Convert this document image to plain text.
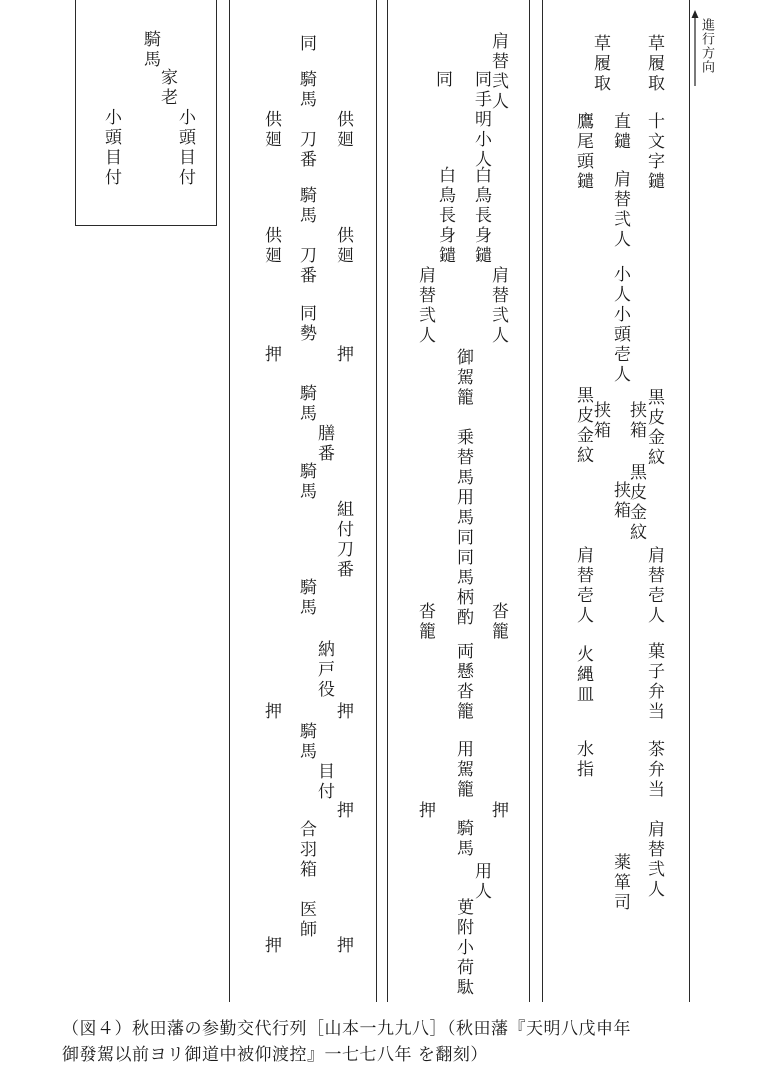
進行方向
草履取
十文字鑓
小人小頭壱人
黒皮金紋
挟箱
肩替壱人
菓子弁当
茶弁当
肩替弐人
直鑓
肩替弐人
黒皮金紋
挟箱
薬箪司
草履取
挟箱
黒皮金紋
火縄皿
水指
鷹尾頭鑓
肩替壱人
肩替弐人
白鳥長身鑓
肩替弐人
沓籠
押
用人
同手明小人
御駕籠
乗替馬用馬同同馬柄酌
両懸沓籠
用駕籠
騎馬
茰附小荷駄
同
白鳥長身鑓
肩替弐人
沓籠
押
供廻
供廻
押
組付刀番
押
押
押
膳番
納戸役
目付
同
騎馬
刀番
騎馬
刀番
同勢
騎馬
騎馬
騎馬
騎馬
合羽箱
医師
供廻
供廻
押
押
押
騎馬
家老
小頭目付
小頭目付
（図４）秋田藩の参勤交代行列［山本一九九八］（秋田藩『天明八戊申年
御發駕以前ヨリ御道中被仰渡控』一七七八年 を翻刻）
